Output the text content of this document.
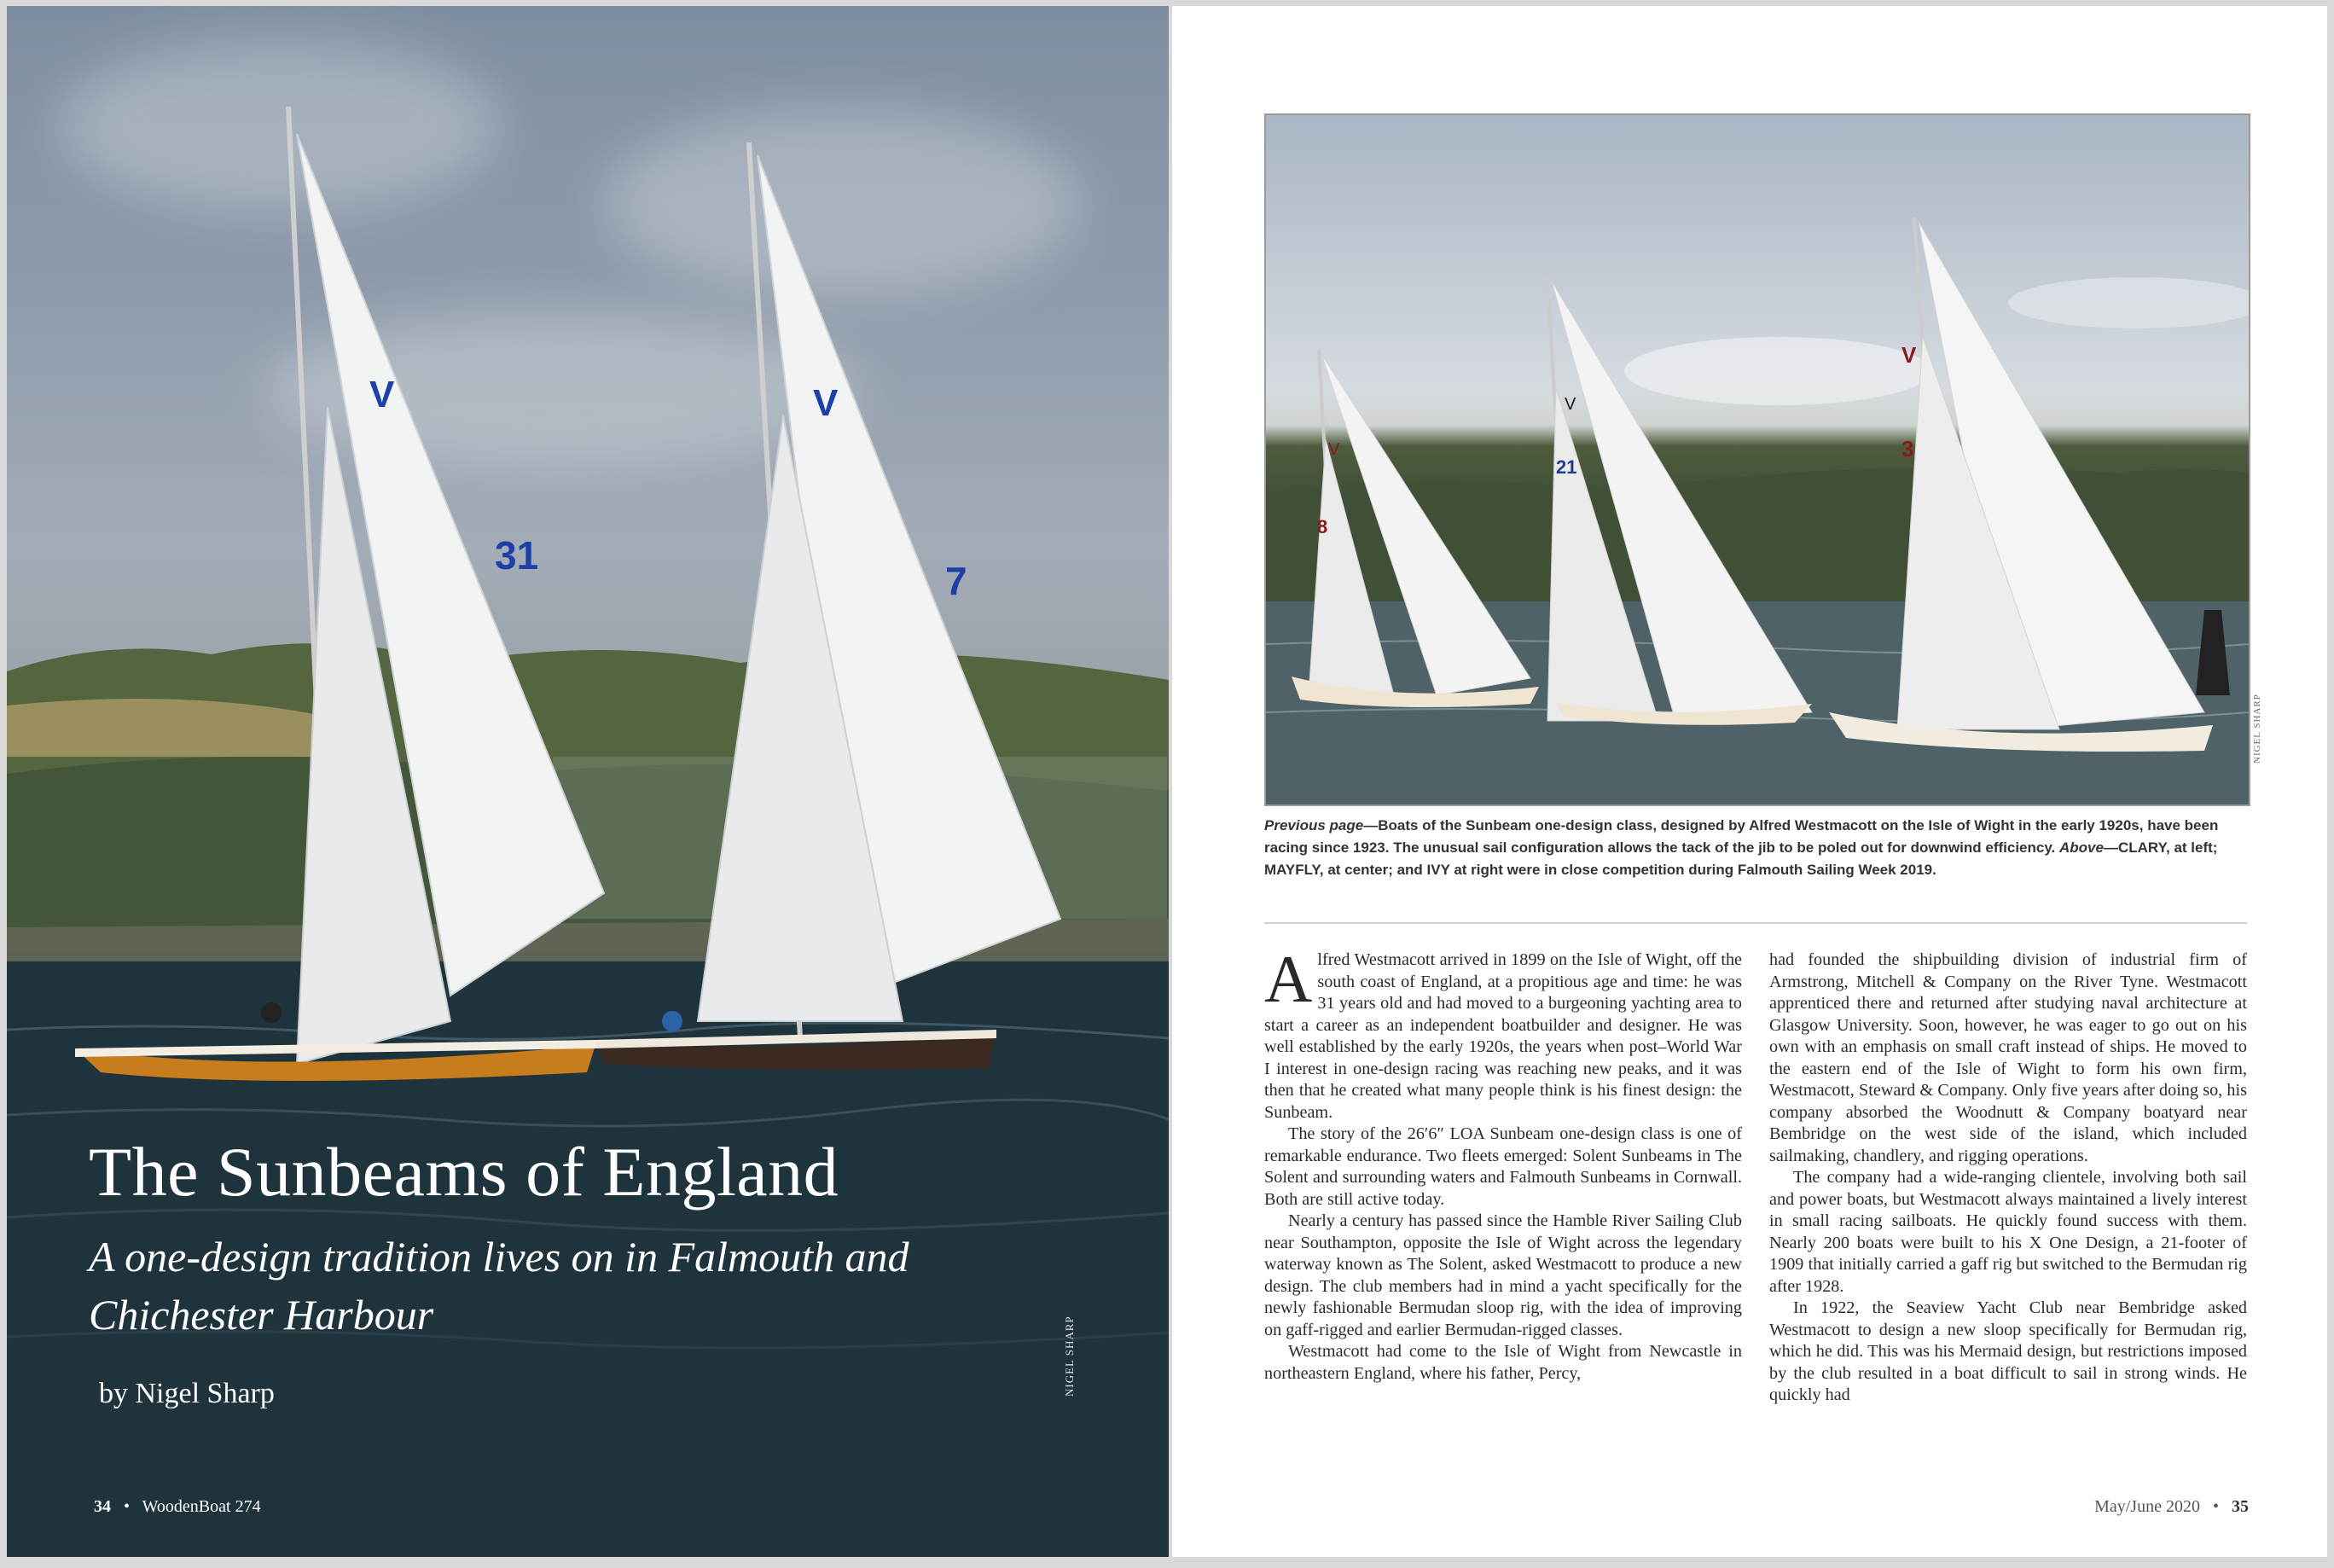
V
31
V
7
The Sunbeams of England

A one-design tradition lives on in Falmouth and Chichester Harbour

by Nigel Sharp	NIGEL SHARP
34 • WoodenBoat 274
V
8
V
21
V
3
NIGEL SHARP

Previous page—Boats of the Sunbeam one-design class, designed by Alfred Westmacott on the Isle of Wight in the early 1920s, have been racing since 1923. The unusual sail configuration allows the tack of the jib to be poled out for downwind efficiency. Above—CLARY, at left; MAYFLY, at center; and IVY at right were in close competition during Falmouth Sailing Week 2019.

Alfred Westmacott arrived in 1899 on the Isle of Wight, off the south coast of England, at a propitious age and time: he was 31 years old and had moved to a burgeoning yachting area to start a career as an independent boatbuilder and designer. He was well established by the early 1920s, the years when post–World War I interest in one-design racing was reaching new peaks, and it was then that he created what many people think is his finest design: the Sunbeam.

The story of the 26′6″ LOA Sunbeam one-design class is one of remarkable endurance. Two fleets emerged: Solent Sunbeams in The Solent and surrounding waters and Falmouth Sunbeams in Cornwall. Both are still active today.

Nearly a century has passed since the Hamble River Sailing Club near Southampton, opposite the Isle of Wight across the legendary waterway known as The Solent, asked Westmacott to produce a new design. The club members had in mind a yacht specifically for the newly fashionable Bermudan sloop rig, with the idea of improving on gaff-rigged and earlier Bermudan-rigged classes.

Westmacott had come to the Isle of Wight from Newcastle in northeastern England, where his father, Percy,

had founded the shipbuilding division of industrial firm of Armstrong, Mitchell & Company on the River Tyne. Westmacott apprenticed there and returned after studying naval architecture at Glasgow University. Soon, however, he was eager to go out on his own with an emphasis on small craft instead of ships. He moved to the eastern end of the Isle of Wight to form his own firm, Westmacott, Steward & Company. Only five years after doing so, his company absorbed the Woodnutt & Company boatyard near Bembridge on the west side of the island, which included sailmaking, chandlery, and rigging operations.

The company had a wide-ranging clientele, involving both sail and power boats, but Westmacott always maintained a lively interest in small racing sailboats. He quickly found success with them. Nearly 200 boats were built to his X One Design, a 21-footer of 1909 that initially carried a gaff rig but switched to the Bermudan rig after 1928.

In 1922, the Seaview Yacht Club near Bembridge asked Westmacott to design a new sloop specifically for Bermudan rig, which he did. This was his Mermaid design, but restrictions imposed by the club resulted in a boat difficult to sail in strong winds. He quickly had

May/June 2020 • 35
